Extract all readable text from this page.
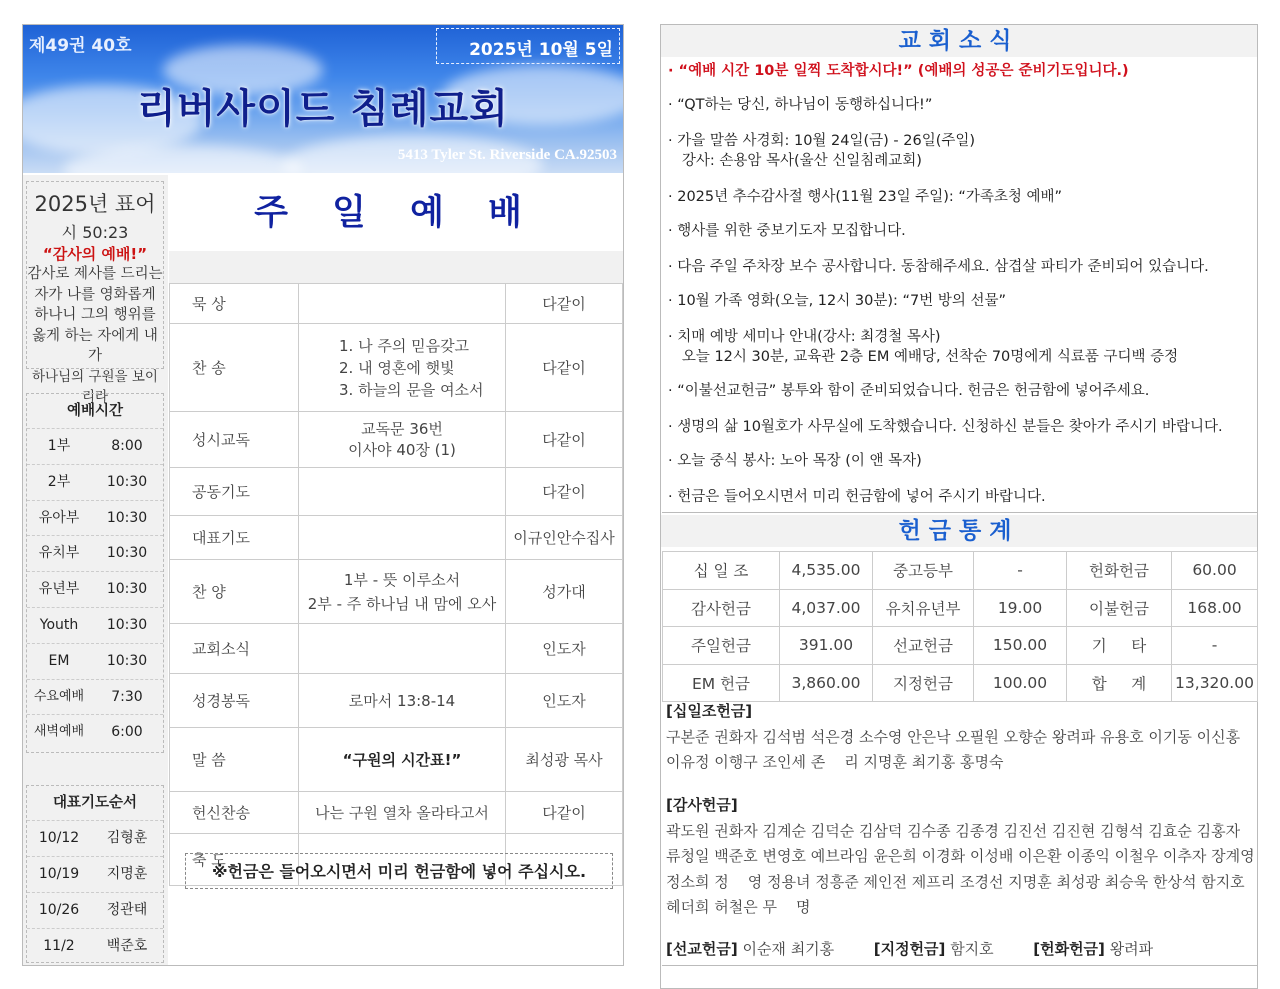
제49권 40호	2025년 10월 5일
리버사이드 침례교회
5413 Tyler St. Riverside CA.92503
2025년 표어
시 50:23
“감사의 예배!”
감사로 제사를 드리는
자가 나를 영화롭게
하나니 그의 행위를
옳게 하는 자에게 내가
하나님의 구원을 보이리라
예배시간
1부	8:00
2부	10:30
유아부	10:30
유치부	10:30
유년부	10:30
Youth	10:30
EM	10:30
수요예배	7:30
새벽예배	6:00
대표기도순서
10/12	김형훈
10/19	지명훈
10/26	정관태
11/2	백준호
주 일 예 배
묵 상		다같이
찬 송	1. 나 주의 믿음갖고
2. 내 영혼에 햇빛
3. 하늘의 문을 여소서	다같이
성시교독	교독문 36번
이사야 40장 (1)	다같이
공동기도		다같이
대표기도		이규인안수집사
찬 양	1부 - 뜻 이루소서
2부 - 주 하나님 내 맘에 오사	성가대
교회소식		인도자
성경봉독	로마서 13:8-14	인도자
말 씀	“구원의 시간표!”	최성광 목사
헌신찬송	나는 구원 열차 올라타고서	다같이
축 도		
※헌금은 들어오시면서 미리 헌금함에 넣어 주십시오.
교회소식
· “예배 시간 10분 일찍 도착합시다!” (예배의 성공은 준비기도입니다.)
· “QT하는 당신, 하나님이 동행하십니다!”
· 가을 말씀 사경회: 10월 24일(금) - 26일(주일)
강사: 손용암 목사(울산 신일침례교회)
· 2025년 추수감사절 행사(11월 23일 주일): “가족초청 예배”
· 행사를 위한 중보기도자 모집합니다.
· 다음 주일 주차장 보수 공사합니다. 동참해주세요. 삼겹살 파티가 준비되어 있습니다.
· 10월 가족 영화(오늘, 12시 30분): “7번 방의 선물”
· 치매 예방 세미나 안내(강사: 최경철 목사)
오늘 12시 30분, 교육관 2층 EM 예배당, 선착순 70명에게 식료품 구디백 증정
· “이불선교헌금” 봉투와 함이 준비되었습니다. 헌금은 헌금함에 넣어주세요.
· 생명의 삶 10월호가 사무실에 도착했습니다. 신청하신 분들은 찾아가 주시기 바랍니다.
· 오늘 중식 봉사: 노아 목장 (이 앤 목자)
· 헌금은 들어오시면서 미리 헌금함에 넣어 주시기 바랍니다.
헌금통계
십 일 조	4,535.00	중고등부	-	헌화헌금	60.00
감사헌금	4,037.00	유치유년부	19.00	이불헌금	168.00
주일헌금	391.00	선교헌금	150.00	기     타	-
EM 헌금	3,860.00	지정헌금	100.00	합     계	13,320.00
[십일조헌금]
구본준 권화자 김석범 석은경 소수영 안은낙 오필원 오향순 왕려파 유용호 이기동 이신홍
이유정 이행구 조인세 존    리 지명훈 최기홍 홍명숙
[감사헌금]
곽도원 권화자 김계순 김덕순 김삼덕 김수종 김종경 김진선 김진현 김형석 김효순 김홍자
류청일 백준호 변영호 예브라임 윤은희 이경화 이성배 이은환 이종익 이철우 이추자 장계영
정소희 정    영 정용녀 정흥준 제인전 제프리 조경선 지명훈 최성광 최승욱 한상석 함지호
헤더희 허철은 무    명
[선교헌금] 이순재 최기홍	[지정헌금] 함지호	[헌화헌금] 왕려파
